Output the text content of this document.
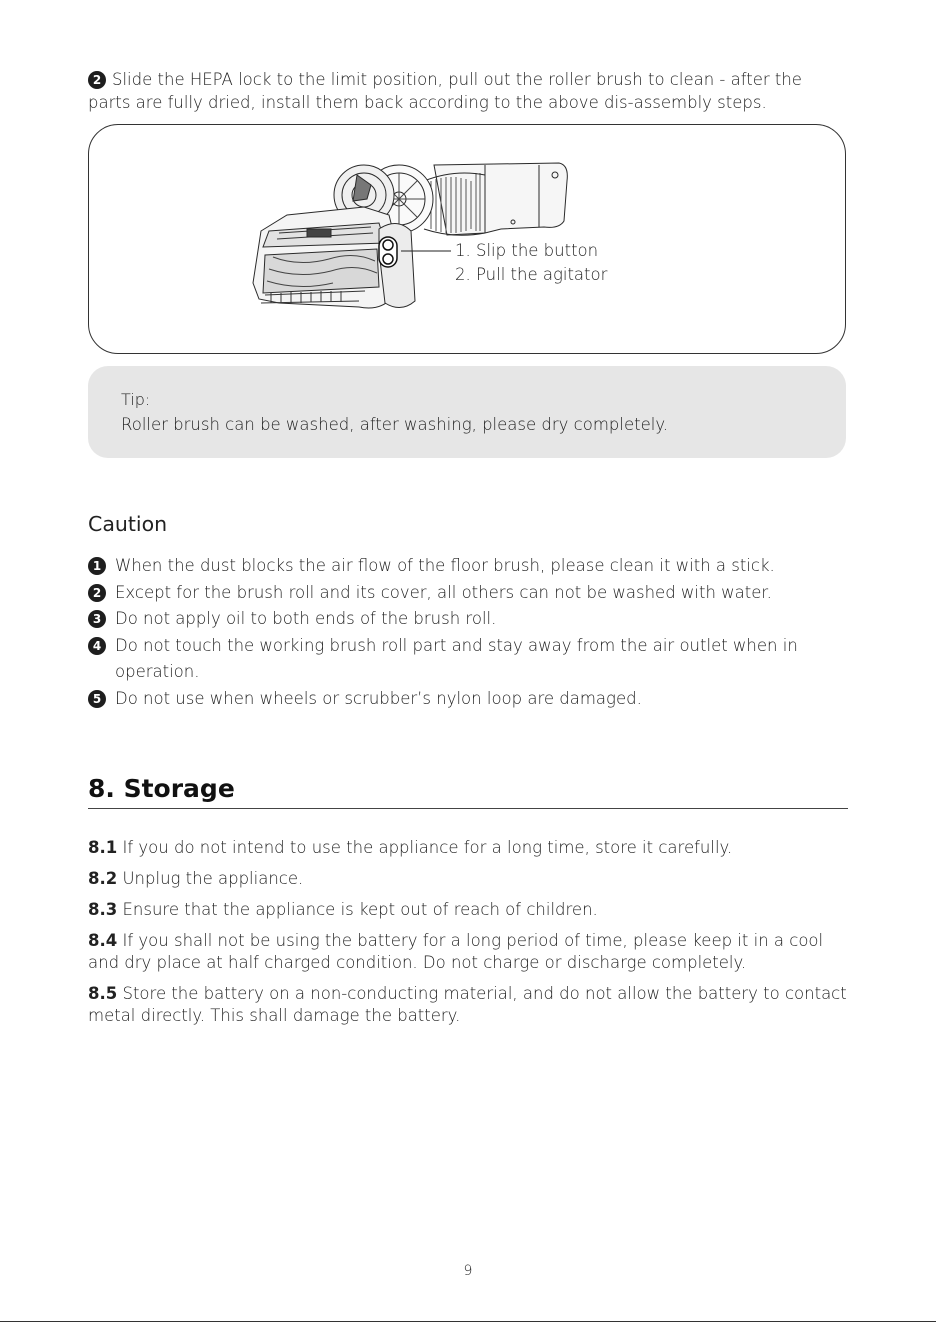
2 Slide the HEPA lock to the limit position, pull out the roller brush to clean - after the parts are fully dried, install them back according to the above dis-assembly steps.

1. Slip the button
2. Pull the agitator
Tip:
Roller brush can be washed, after washing, please dry completely.
Caution
1 When the dust blocks the air flow of the floor brush, please clean it with a stick.
2 Except for the brush roll and its cover, all others can not be washed with water.
3 Do not apply oil to both ends of the brush roll.
4 Do not touch the working brush roll part and stay away from the air outlet when in operation.
5 Do not use when wheels or scrubber’s nylon loop are damaged.
8. Storage
8.1 If you do not intend to use the appliance for a long time, store it carefully.
8.2 Unplug the appliance.
8.3 Ensure that the appliance is kept out of reach of children.
8.4 If you shall not be using the battery for a long period of time, please keep it in a cool and dry place at half charged condition. Do not charge or discharge completely.
8.5 Store the battery on a non-conducting material, and do not allow the battery to contact metal directly. This shall damage the battery.
9
